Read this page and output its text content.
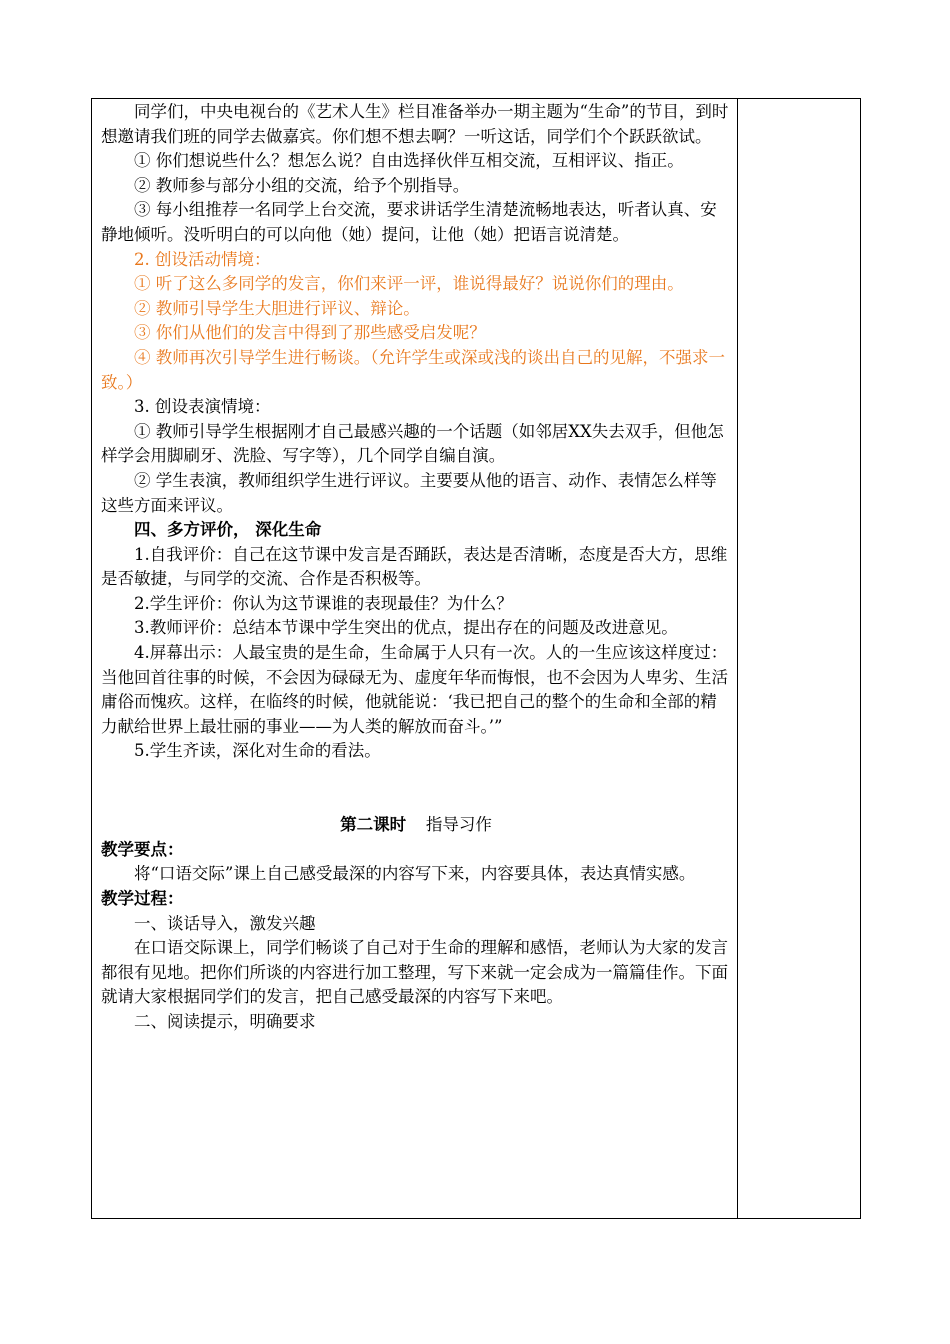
同学们，中央电视台的《艺术人生》栏目准备举办一期主题为“生命”的节目，到时想邀请我们班的同学去做嘉宾。你们想不想去啊？一听这话，同学们个个跃跃欲试。

① 你们想说些什么？想怎么说？自由选择伙伴互相交流，互相评议、指正。

② 教师参与部分小组的交流，给予个别指导。

③ 每小组推荐一名同学上台交流，要求讲话学生清楚流畅地表达，听者认真、安静地倾听。没听明白的可以向他（她）提问，让他（她）把语言说清楚。

2. 创设活动情境：

① 听了这么多同学的发言，你们来评一评，谁说得最好？说说你们的理由。

② 教师引导学生大胆进行评议、辩论。

③ 你们从他们的发言中得到了那些感受启发呢？

④ 教师再次引导学生进行畅谈。（允许学生或深或浅的谈出自己的见解，不强求一致。）

3. 创设表演情境：

① 教师引导学生根据刚才自己最感兴趣的一个话题（如邻居XX失去双手，但他怎样学会用脚刷牙、洗脸、写字等），几个同学自编自演。

② 学生表演，教师组织学生进行评议。主要要从他的语言、动作、表情怎么样等这些方面来评议。

四、多方评价， 深化生命

1.自我评价：自己在这节课中发言是否踊跃，表达是否清晰，态度是否大方，思维是否敏捷，与同学的交流、合作是否积极等。

2.学生评价：你认为这节课谁的表现最佳？为什么？

3.教师评价：总结本节课中学生突出的优点，提出存在的问题及改进意见。

4.屏幕出示：人最宝贵的是生命，生命属于人只有一次。人的一生应该这样度过：当他回首往事的时候，不会因为碌碌无为、虚度年华而悔恨，也不会因为人卑劣、生活庸俗而愧疚。这样，在临终的时候，他就能说：‘我已把自己的整个的生命和全部的精力献给世界上最壮丽的事业——为人类的解放而奋斗。’”

5.学生齐读，深化对生命的看法。

第二课时 指导习作

教学要点：

将“口语交际”课上自己感受最深的内容写下来，内容要具体，表达真情实感。

教学过程：

一、谈话导入，激发兴趣

在口语交际课上，同学们畅谈了自己对于生命的理解和感悟，老师认为大家的发言都很有见地。把你们所谈的内容进行加工整理，写下来就一定会成为一篇篇佳作。下面就请大家根据同学们的发言，把自己感受最深的内容写下来吧。

二、阅读提示，明确要求
